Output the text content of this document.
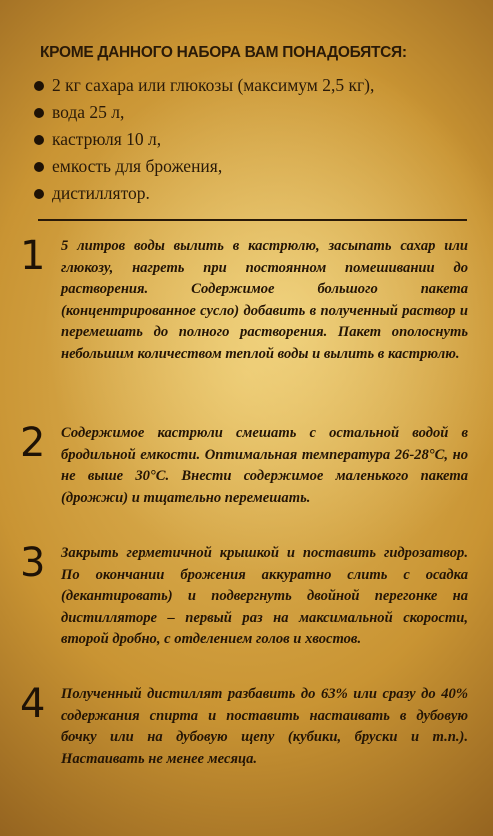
КРОМЕ ДАННОГО НАБОРА ВАМ ПОНАДОБЯТСЯ:
2 кг сахара или глюкозы (максимум 2,5 кг),
вода 25 л,
кастрюля 10 л,
емкость для брожения,
дистиллятор.
1	5 литров воды вылить в кастрюлю, засыпать сахар или глюкозу, нагреть при постоянном помешивании до растворения. Содержимое большого пакета (концентрированное сусло) добавить в полученный раствор и перемешать до полного растворения. Пакет ополоснуть небольшим количеством теплой воды и вылить в кастрюлю.
2	Содержимое кастрюли смешать с остальной водой в бродильной емкости. Оптимальная температура 26-28°С, но не выше 30°С. Внести содержимое маленького пакета (дрожжи) и тщательно перемешать.
3	Закрыть герметичной крышкой и поставить гидрозатвор. По окончании брожения аккуратно слить с осадка (декантировать) и подвергнуть двойной перегонке на дистилляторе – первый раз на максимальной скорости, второй дробно, с отделением голов и хвостов.
4	Полученный дистиллят разбавить до 63% или сразу до 40% содержания спирта и поставить настаивать в дубовую бочку или на дубовую щепу (кубики, бруски и т.п.). Настаивать не менее месяца.
